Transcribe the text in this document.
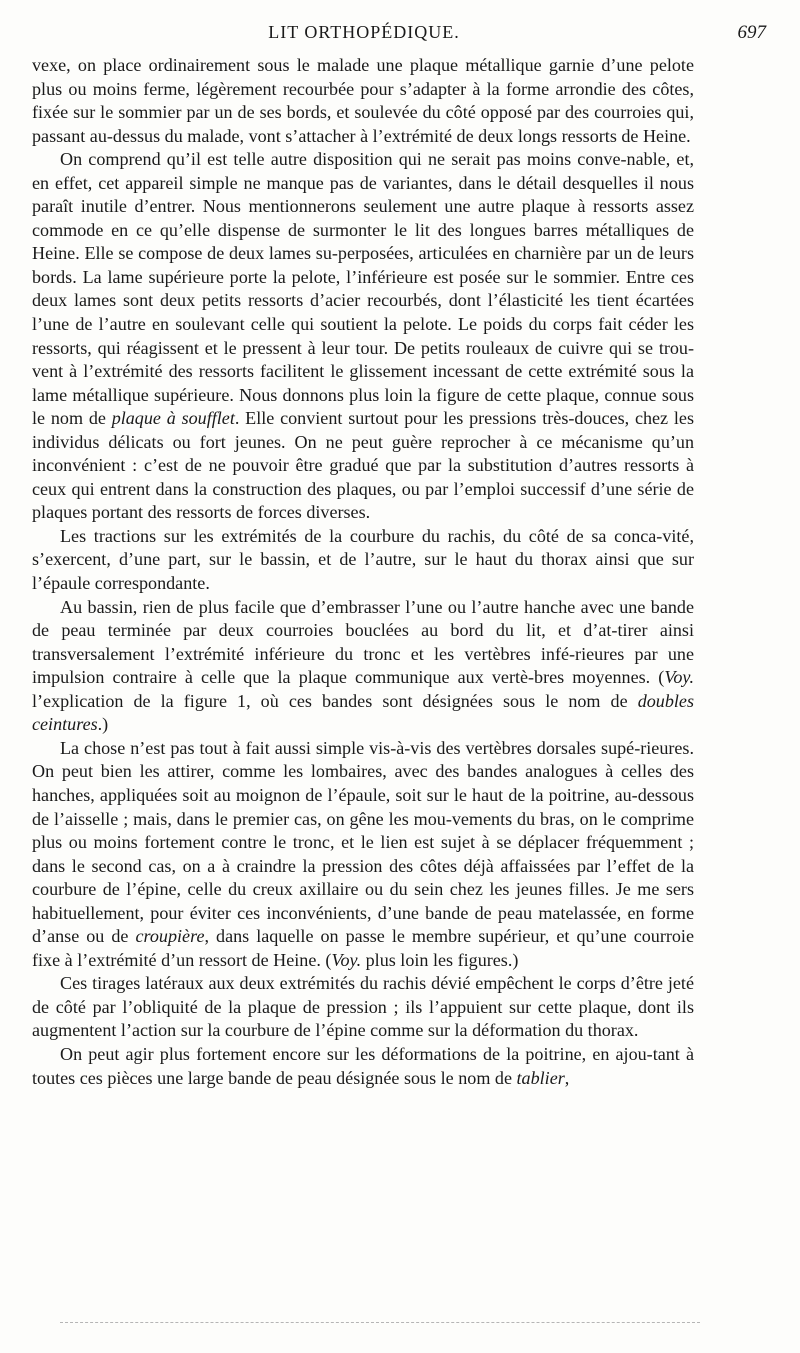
LIT ORTHOPÉDIQUE.	697

vexe, on place ordinairement sous le malade une plaque métallique garnie d’une pelote plus ou moins ferme, légèrement recourbée pour s’adapter à la forme arrondie des côtes, fixée sur le sommier par un de ses bords, et soulevée du côté opposé par des courroies qui, passant au-dessus du malade, vont s’attacher à l’extrémité de deux longs ressorts de Heine.

On comprend qu’il est telle autre disposition qui ne serait pas moins conve-nable, et, en effet, cet appareil simple ne manque pas de variantes, dans le détail desquelles il nous paraît inutile d’entrer. Nous mentionnerons seulement une autre plaque à ressorts assez commode en ce qu’elle dispense de surmonter le lit des longues barres métalliques de Heine. Elle se compose de deux lames su-perposées, articulées en charnière par un de leurs bords. La lame supérieure porte la pelote, l’inférieure est posée sur le sommier. Entre ces deux lames sont deux petits ressorts d’acier recourbés, dont l’élasticité les tient écartées l’une de l’autre en soulevant celle qui soutient la pelote. Le poids du corps fait céder les ressorts, qui réagissent et le pressent à leur tour. De petits rouleaux de cuivre qui se trou-vent à l’extrémité des ressorts facilitent le glissement incessant de cette extrémité sous la lame métallique supérieure. Nous donnons plus loin la figure de cette plaque, connue sous le nom de plaque à soufflet. Elle convient surtout pour les pressions très-douces, chez les individus délicats ou fort jeunes. On ne peut guère reprocher à ce mécanisme qu’un inconvénient : c’est de ne pouvoir être gradué que par la substitution d’autres ressorts à ceux qui entrent dans la construction des plaques, ou par l’emploi successif d’une série de plaques portant des ressorts de forces diverses.

Les tractions sur les extrémités de la courbure du rachis, du côté de sa conca-vité, s’exercent, d’une part, sur le bassin, et de l’autre, sur le haut du thorax ainsi que sur l’épaule correspondante.

Au bassin, rien de plus facile que d’embrasser l’une ou l’autre hanche avec une bande de peau terminée par deux courroies bouclées au bord du lit, et d’at-tirer ainsi transversalement l’extrémité inférieure du tronc et les vertèbres infé-rieures par une impulsion contraire à celle que la plaque communique aux vertè-bres moyennes. (Voy. l’explication de la figure 1, où ces bandes sont désignées sous le nom de doubles ceintures.)

La chose n’est pas tout à fait aussi simple vis-à-vis des vertèbres dorsales supé-rieures. On peut bien les attirer, comme les lombaires, avec des bandes analogues à celles des hanches, appliquées soit au moignon de l’épaule, soit sur le haut de la poitrine, au-dessous de l’aisselle ; mais, dans le premier cas, on gêne les mou-vements du bras, on le comprime plus ou moins fortement contre le tronc, et le lien est sujet à se déplacer fréquemment ; dans le second cas, on a à craindre la pression des côtes déjà affaissées par l’effet de la courbure de l’épine, celle du creux axillaire ou du sein chez les jeunes filles. Je me sers habituellement, pour éviter ces inconvénients, d’une bande de peau matelassée, en forme d’anse ou de croupière, dans laquelle on passe le membre supérieur, et qu’une courroie fixe à l’extrémité d’un ressort de Heine. (Voy. plus loin les figures.)

Ces tirages latéraux aux deux extrémités du rachis dévié empêchent le corps d’être jeté de côté par l’obliquité de la plaque de pression ; ils l’appuient sur cette plaque, dont ils augmentent l’action sur la courbure de l’épine comme sur la déformation du thorax.

On peut agir plus fortement encore sur les déformations de la poitrine, en ajou-tant à toutes ces pièces une large bande de peau désignée sous le nom de tablier,
